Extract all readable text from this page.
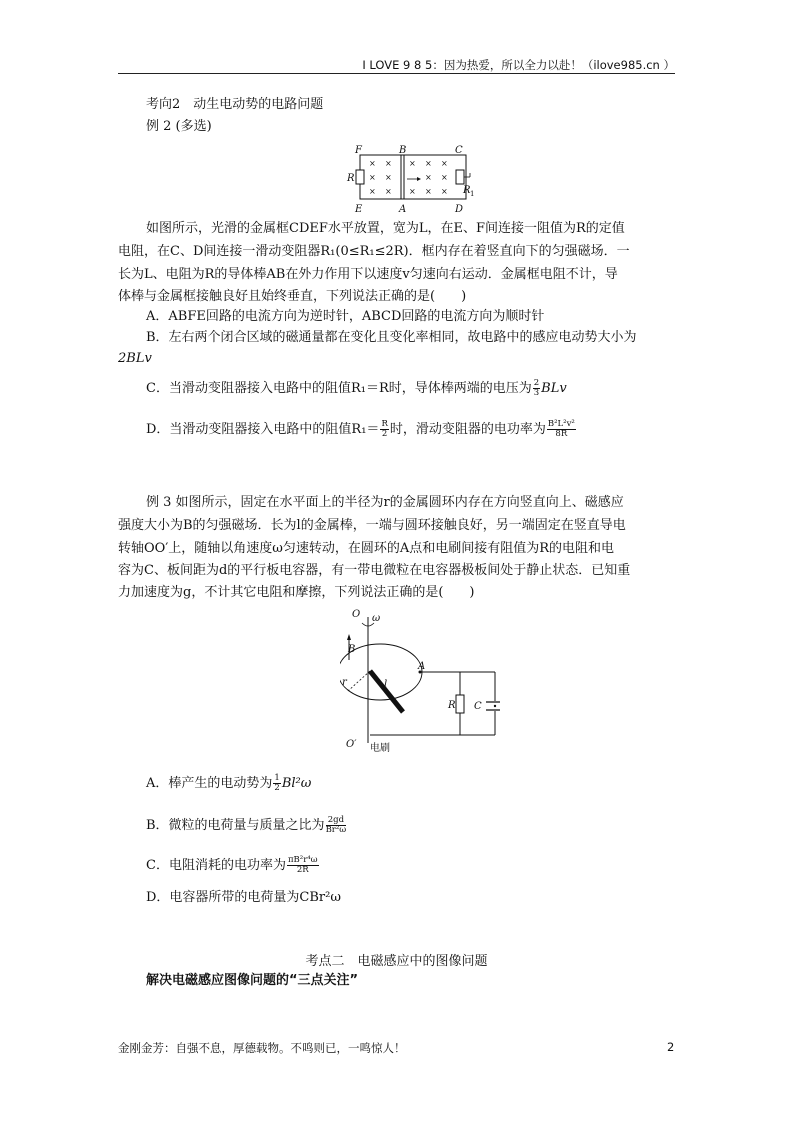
I LOVE 9 8 5：因为热爱，所以全力以赴！（ilove985.cn ）
考向2　动生电动势的电路问题
例 2 (多选)
× ×
× ×
× ×
× × ×
× ×
× × ×
F	B	C
R
R 1
E	A	D
如图所示，光滑的金属框CDEF水平放置，宽为L，在E、F间连接一阻值为R的定值
电阻，在C、D间连接一滑动变阻器R₁(0≤R₁≤2R)．框内存在着竖直向下的匀强磁场．一
长为L、电阻为R的导体棒AB在外力作用下以速度v匀速向右运动．金属框电阻不计，导
体棒与金属框接触良好且始终垂直，下列说法正确的是(　　)
A．ABFE回路的电流方向为逆时针，ABCD回路的电流方向为顺时针
B．左右两个闭合区域的磁通量都在变化且变化率相同，故电路中的感应电动势大小为
2BLv
C．当滑动变阻器接入电路中的阻值R₁＝R时，导体棒两端的电压为 $\frac{2}{3}$ BLv
D．当滑动变阻器接入电路中的阻值$R_1= \frac{R}{2}$ 时，滑动变阻器的电功率为 $\frac{\text{B²L²v²}}{8R}$
例 3 如图所示，固定在水平面上的半径为r的金属圆环内存在方向竖直向上、磁感应
强度大小为B的匀强磁场．长为l的金属棒，一端与圆环接触良好，另一端固定在竖直导电
转轴OO′上，随轴以角速度ω匀速转动，在圆环的A点和电刷间接有阻值为R的电阻和电
容为C、板间距为d的平行板电容器，有一带电微粒在电容器极板间处于静止状态．已知重
力加速度为g，不计其它电阻和摩擦，下列说法正确的是(　　)
O ω
B
A
r	l
R C
O′ 电刷
A．棒产生的电动势为 $\frac{1}{2} Bl^2\omega$
B．微粒的电荷量与质量之比为 $\frac{2gd}{\text{Br²ω}}$
C．电阻消耗的电功率为 $\frac{\text{πB²r⁴ω}}{2R}$
D．电容器所带的电荷量为CBr²ω
考点二　电磁感应中的图像问题
解决电磁感应图像问题的“三点关注”
金刚金芳：自强不息，厚德载物。不鸣则已，一鸣惊人！	2
